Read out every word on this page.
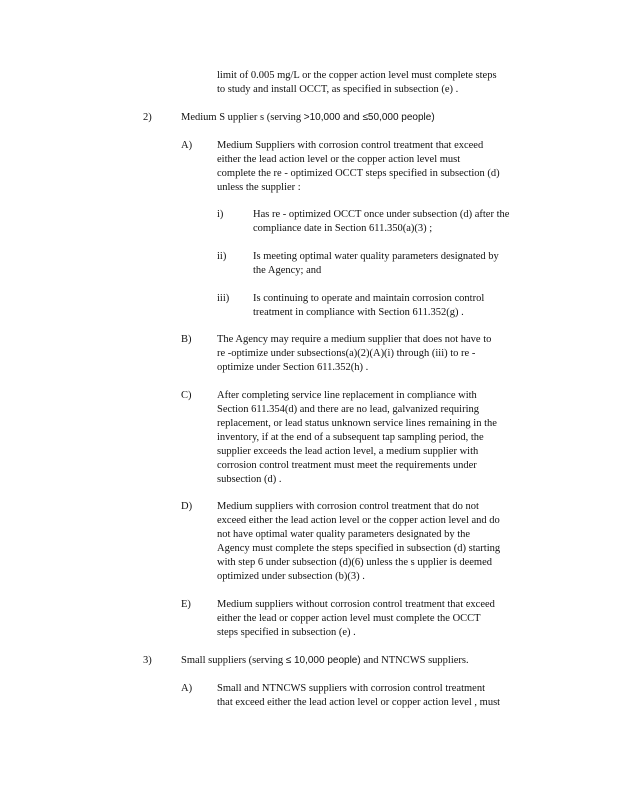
limit of 0.005 mg/L or the copper action level must complete steps
to study and install OCCT, as specified in subsection (e) .
2)	Medium S upplier s (serving >10,000 and ≤50,000 people)
A) Medium Suppliers with corrosion control treatment that exceed
either the lead action level or the copper action level must
complete the re - optimized OCCT steps specified in subsection (d)
unless the supplier :
i)	Has re - optimized OCCT once under subsection (d) after the
compliance date in Section 611.350(a)(3) ;
ii)	Is meeting optimal water quality parameters designated by
the Agency; and
iii) Is continuing to operate and maintain corrosion control
treatment in compliance with Section 611.352(g) .
B) The Agency may require a medium supplier that does not have to
re -optimize under subsections(a)(2)(A)(i) through (iii) to re -
optimize under Section 611.352(h) .
C) After completing service line replacement in compliance with
Section 611.354(d) and there are no lead, galvanized requiring
replacement, or lead status unknown service lines remaining in the
inventory, if at the end of a subsequent tap sampling period, the
supplier exceeds the lead action level, a medium supplier with
corrosion control treatment must meet the requirements under
subsection (d) .
D) Medium suppliers with corrosion control treatment that do not
exceed either the lead action level or the copper action level and do
not have optimal water quality parameters designated by the
Agency must complete the steps specified in subsection (d) starting
with step 6 under subsection (d)(6) unless the s upplier is deemed
optimized under subsection (b)(3) .
E) Medium suppliers without corrosion control treatment that exceed
either the lead or copper action level must complete the OCCT
steps specified in subsection (e) .
3)	Small suppliers (serving ≤ 10,000 people) and NTNCWS suppliers.
A) Small and NTNCWS suppliers with corrosion control treatment
that exceed either the lead action level or copper action level , must
